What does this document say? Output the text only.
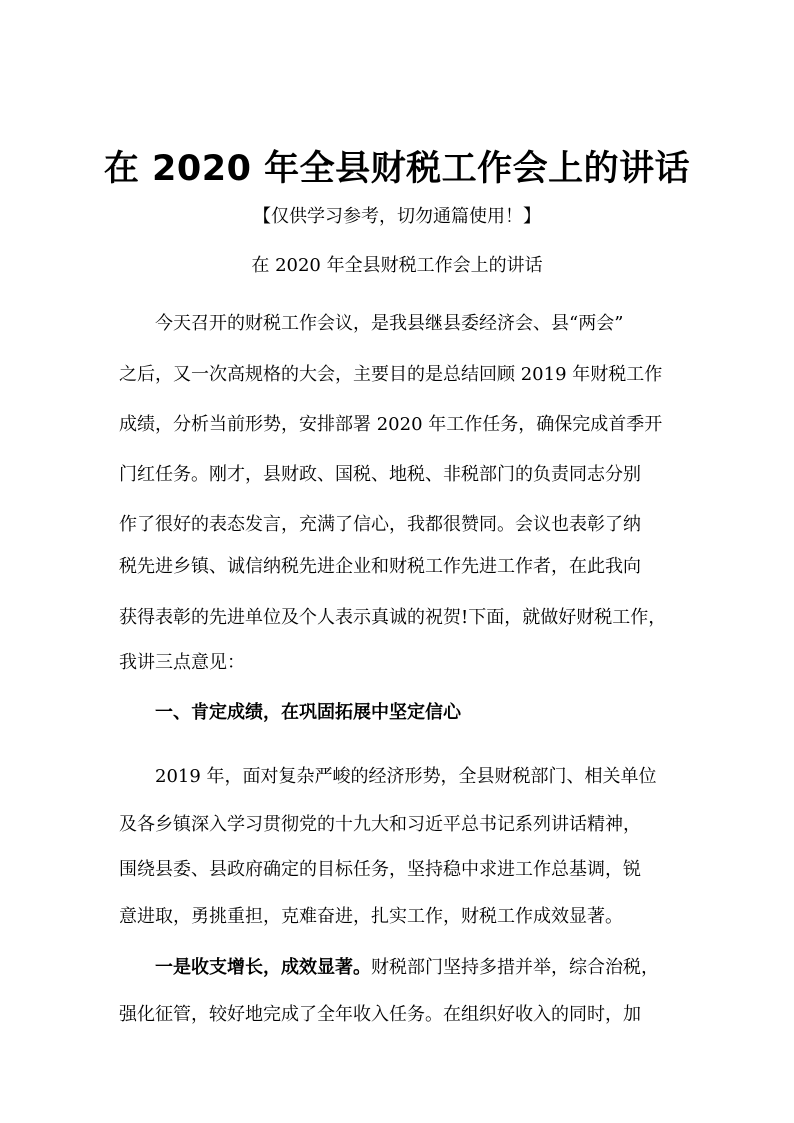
在 2020 年全县财税工作会上的讲话
【仅供学习参考，切勿通篇使用！】
在 2020 年全县财税工作会上的讲话
今天召开的财税工作会议，是我县继县委经济会、县“两会”
之后，又一次高规格的大会，主要目的是总结回顾 2019 年财税工作
成绩，分析当前形势，安排部署 2020 年工作任务，确保完成首季开
门红任务。刚才，县财政、国税、地税、非税部门的负责同志分别
作了很好的表态发言，充满了信心，我都很赞同。会议也表彰了纳
税先进乡镇、诚信纳税先进企业和财税工作先进工作者，在此我向
获得表彰的先进单位及个人表示真诚的祝贺!下面，就做好财税工作，
我讲三点意见：
一、肯定成绩，在巩固拓展中坚定信心
2019 年，面对复杂严峻的经济形势，全县财税部门、相关单位
及各乡镇深入学习贯彻党的十九大和习近平总书记系列讲话精神，
围绕县委、县政府确定的目标任务，坚持稳中求进工作总基调，锐
意进取，勇挑重担，克难奋进，扎实工作，财税工作成效显著。
一是收支增长，成效显著。财税部门坚持多措并举，综合治税，
强化征管，较好地完成了全年收入任务。在组织好收入的同时，加
